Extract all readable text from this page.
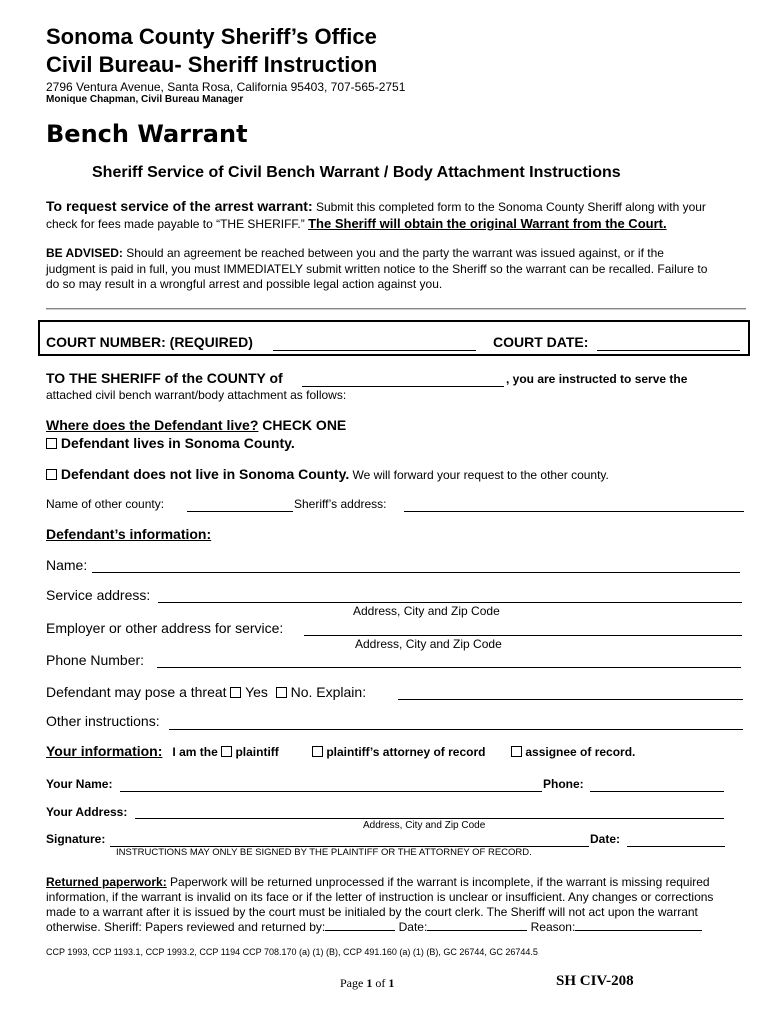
Sonoma County Sheriff’s Office
Civil Bureau- Sheriff Instruction
2796 Ventura Avenue, Santa Rosa, California 95403, 707-565-2751
Monique Chapman, Civil Bureau Manager
Bench Warrant
Sheriff Service of Civil Bench Warrant / Body Attachment Instructions
To request service of the arrest warrant: Submit this completed form to the Sonoma County Sheriff along with your
check for fees made payable to “THE SHERIFF.” The Sheriff will obtain the original Warrant from the Court.
BE ADVISED: Should an agreement be reached between you and the party the warrant was issued against, or if the
judgment is paid in full, you must IMMEDIATELY submit written notice to the Sheriff so the warrant can be recalled. Failure to
do so may result in a wrongful arrest and possible legal action against you.
COURT NUMBER: (REQUIRED)	COURT DATE:
TO THE SHERIFF of the COUNTY of	, you are instructed to serve the
attached civil bench warrant/body attachment as follows:
Where does the Defendant live? CHECK ONE
Defendant lives in Sonoma County.
Defendant does not live in Sonoma County. We will forward your request to the other county.
Name of other county:	Sheriff’s address:
Defendant’s information:
Name:
Service address:
Address, City and Zip Code
Employer or other address for service:
Address, City and Zip Code
Phone Number:
Defendant may pose a threat Yes No. Explain:
Other instructions:
Your information: I am the plaintiff	plaintiff’s attorney of record	assignee of record.
Your Name:	Phone:
Your Address:
Address, City and Zip Code
Signature:	Date:
INSTRUCTIONS MAY ONLY BE SIGNED BY THE PLAINTIFF OR THE ATTORNEY OF RECORD.
Returned paperwork: Paperwork will be returned unprocessed if the warrant is incomplete, if the warrant is missing required
information, if the warrant is invalid on its face or if the letter of instruction is unclear or insufficient. Any changes or corrections
made to a warrant after it is issued by the court must be initialed by the court clerk. The Sheriff will not act upon the warrant
otherwise. Sheriff: Papers reviewed and returned by:	Date:	Reason:
CCP 1993, CCP 1193.1, CCP 1993.2, CCP 1194 CCP 708.170 (a) (1) (B), CCP 491.160 (a) (1) (B), GC 26744, GC 26744.5
Page 1 of 1	SH CIV-208
